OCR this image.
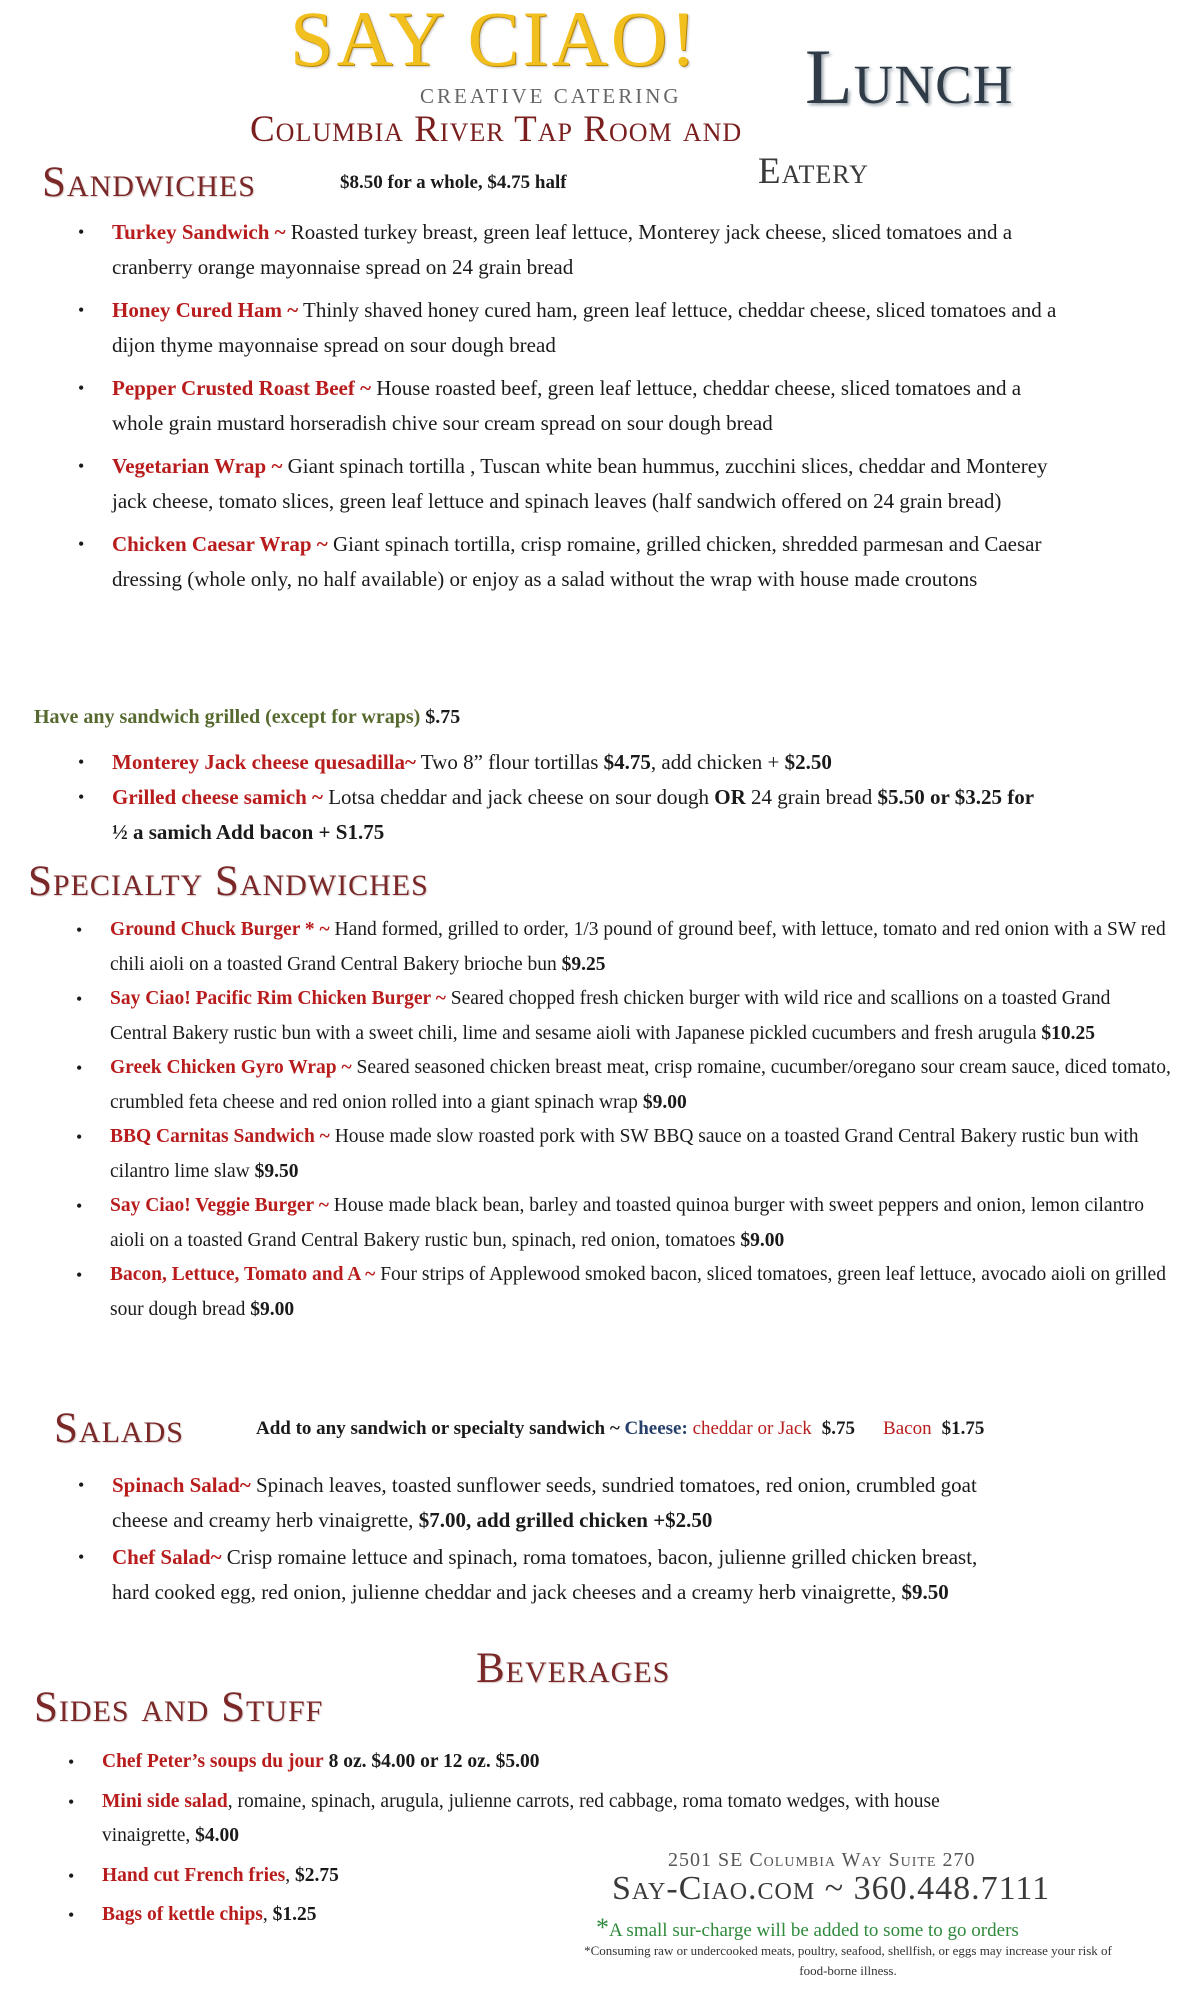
SAY CIAO!
CREATIVE CATERING Lunch
Columbia River Tap Room and
Eatery
Sandwiches	$8.50 for a whole, $4.75 half
• Turkey Sandwich ~ Roasted turkey breast, green leaf lettuce, Monterey jack cheese, sliced tomatoes and a cranberry orange mayonnaise spread on 24 grain bread
• Honey Cured Ham ~ Thinly shaved honey cured ham, green leaf lettuce, cheddar cheese, sliced tomatoes and a dijon thyme mayonnaise spread on sour dough bread
• Pepper Crusted Roast Beef ~ House roasted beef, green leaf lettuce, cheddar cheese, sliced tomatoes and a whole grain mustard horseradish chive sour cream spread on sour dough bread
• Vegetarian Wrap ~ Giant spinach tortilla , Tuscan white bean hummus, zucchini slices, cheddar and Monterey jack cheese, tomato slices, green leaf lettuce and spinach leaves (half sandwich offered on 24 grain bread)
• Chicken Caesar Wrap ~ Giant spinach tortilla, crisp romaine, grilled chicken, shredded parmesan and Caesar dressing (whole only, no half available) or enjoy as a salad without the wrap with house made croutons
Have any sandwich grilled (except for wraps) $.75
• Monterey Jack cheese quesadilla~ Two 8” flour tortillas $4.75, add chicken + $2.50
• Grilled cheese samich ~ Lotsa cheddar and jack cheese on sour dough OR 24 grain bread $5.50 or $3.25 for ½ a samich Add bacon + S1.75
Specialty Sandwiches
• Ground Chuck Burger * ~ Hand formed, grilled to order, 1/3 pound of ground beef, with lettuce, tomato and red onion with a SW red chili aioli on a toasted Grand Central Bakery brioche bun $9.25
• Say Ciao! Pacific Rim Chicken Burger ~ Seared chopped fresh chicken burger with wild rice and scallions on a toasted Grand Central Bakery rustic bun with a sweet chili, lime and sesame aioli with Japanese pickled cucumbers and fresh arugula $10.25
• Greek Chicken Gyro Wrap ~ Seared seasoned chicken breast meat, crisp romaine, cucumber/oregano sour cream sauce, diced tomato, crumbled feta cheese and red onion rolled into a giant spinach wrap $9.00
• BBQ Carnitas Sandwich ~ House made slow roasted pork with SW BBQ sauce on a toasted Grand Central Bakery rustic bun with cilantro lime slaw $9.50
• Say Ciao! Veggie Burger ~ House made black bean, barley and toasted quinoa burger with sweet peppers and onion, lemon cilantro aioli on a toasted Grand Central Bakery rustic bun, spinach, red onion, tomatoes $9.00
• Bacon, Lettuce, Tomato and A ~ Four strips of Applewood smoked bacon, sliced tomatoes, green leaf lettuce, avocado aioli on grilled sour dough bread $9.00
Salads	Add to any sandwich or specialty sandwich ~ Cheese: cheddar or Jack $.75 Bacon $1.75
• Spinach Salad~ Spinach leaves, toasted sunflower seeds, sundried tomatoes, red onion, crumbled goat cheese and creamy herb vinaigrette, $7.00, add grilled chicken +$2.50
• Chef Salad~ Crisp romaine lettuce and spinach, roma tomatoes, bacon, julienne grilled chicken breast, hard cooked egg, red onion, julienne cheddar and jack cheeses and a creamy herb vinaigrette, $9.50
Beverages
Sides and Stuff
• Chef Peter’s soups du jour 8 oz. $4.00 or 12 oz. $5.00
• Mini side salad, romaine, spinach, arugula, julienne carrots, red cabbage, roma tomato wedges, with house vinaigrette, $4.00
• Hand cut French fries, $2.75
• Bags of kettle chips, $1.25
2501 SE Columbia Way Suite 270
Say-Ciao.com ~ 360.448.7111
*A small sur-charge will be added to some to go orders
*Consuming raw or undercooked meats, poultry, seafood, shellfish, or eggs may increase your risk of food-borne illness.
